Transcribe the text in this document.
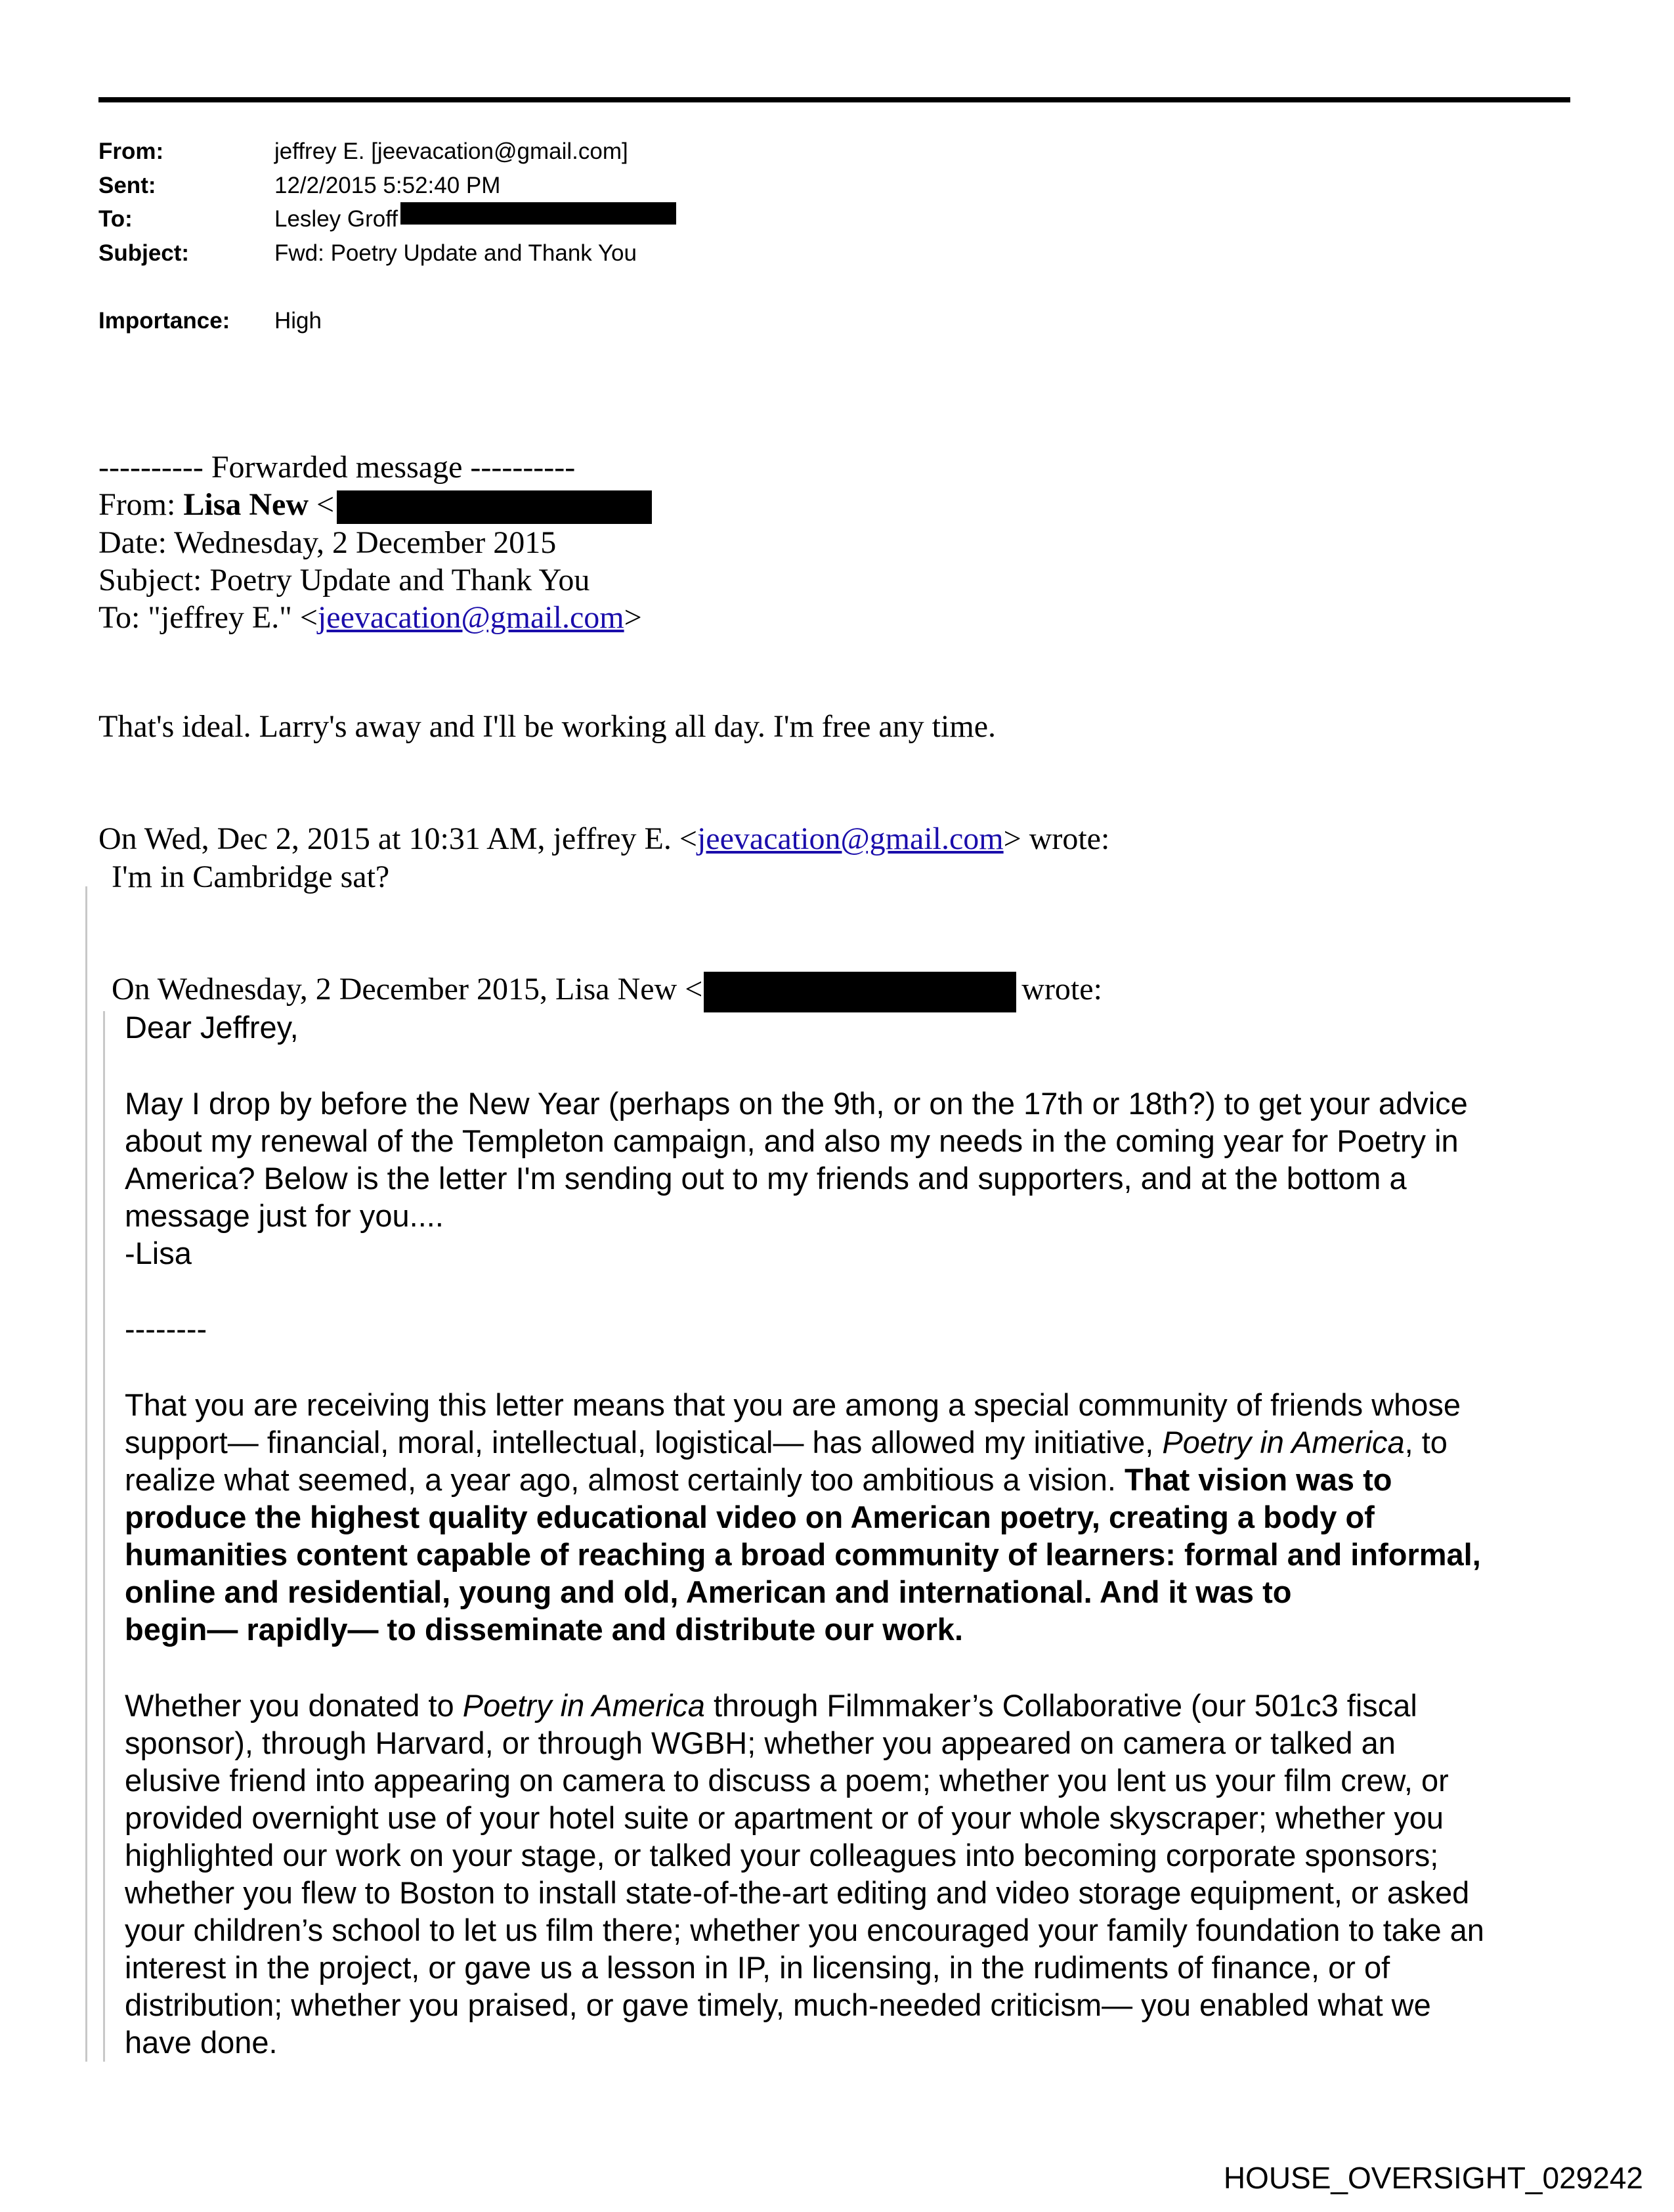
From:	jeffrey E. [jeevacation@gmail.com]
Sent:	12/2/2015 5:52:40 PM
To:	Lesley Groff
Subject:	Fwd: Poetry Update and Thank You
Importance:	High
---------- Forwarded message ----------
From: Lisa New <
Date: Wednesday, 2 December 2015
Subject: Poetry Update and Thank You
To: "jeffrey E." <jeevacation@gmail.com>
That's ideal. Larry's away and I'll be working all day. I'm free any time.
On Wed, Dec 2, 2015 at 10:31 AM, jeffrey E. <jeevacation@gmail.com> wrote:
I'm in Cambridge sat?
On Wednesday, 2 December 2015, Lisa New <	wrote:
Dear Jeffrey,
May I drop by before the New Year (perhaps on the 9th, or on the 17th or 18th?) to get your advice
about my renewal of the Templeton campaign, and also my needs in the coming year for Poetry in
America? Below is the letter I'm sending out to my friends and supporters, and at the bottom a
message just for you....
-Lisa
--------
That you are receiving this letter means that you are among a special community of friends whose
support— financial, moral, intellectual, logistical— has allowed my initiative, Poetry in America, to
realize what seemed, a year ago, almost certainly too ambitious a vision. That vision was to
produce the highest quality educational video on American poetry, creating a body of
humanities content capable of reaching a broad community of learners: formal and informal,
online and residential, young and old, American and international. And it was to
begin— rapidly— to disseminate and distribute our work.
Whether you donated to Poetry in America through Filmmaker’s Collaborative (our 501c3 fiscal
sponsor), through Harvard, or through WGBH; whether you appeared on camera or talked an
elusive friend into appearing on camera to discuss a poem; whether you lent us your film crew, or
provided overnight use of your hotel suite or apartment or of your whole skyscraper; whether you
highlighted our work on your stage, or talked your colleagues into becoming corporate sponsors;
whether you flew to Boston to install state-of-the-art editing and video storage equipment, or asked
your children’s school to let us film there; whether you encouraged your family foundation to take an
interest in the project, or gave us a lesson in IP, in licensing, in the rudiments of finance, or of
distribution; whether you praised, or gave timely, much-needed criticism— you enabled what we
have done.
HOUSE_OVERSIGHT_029242
